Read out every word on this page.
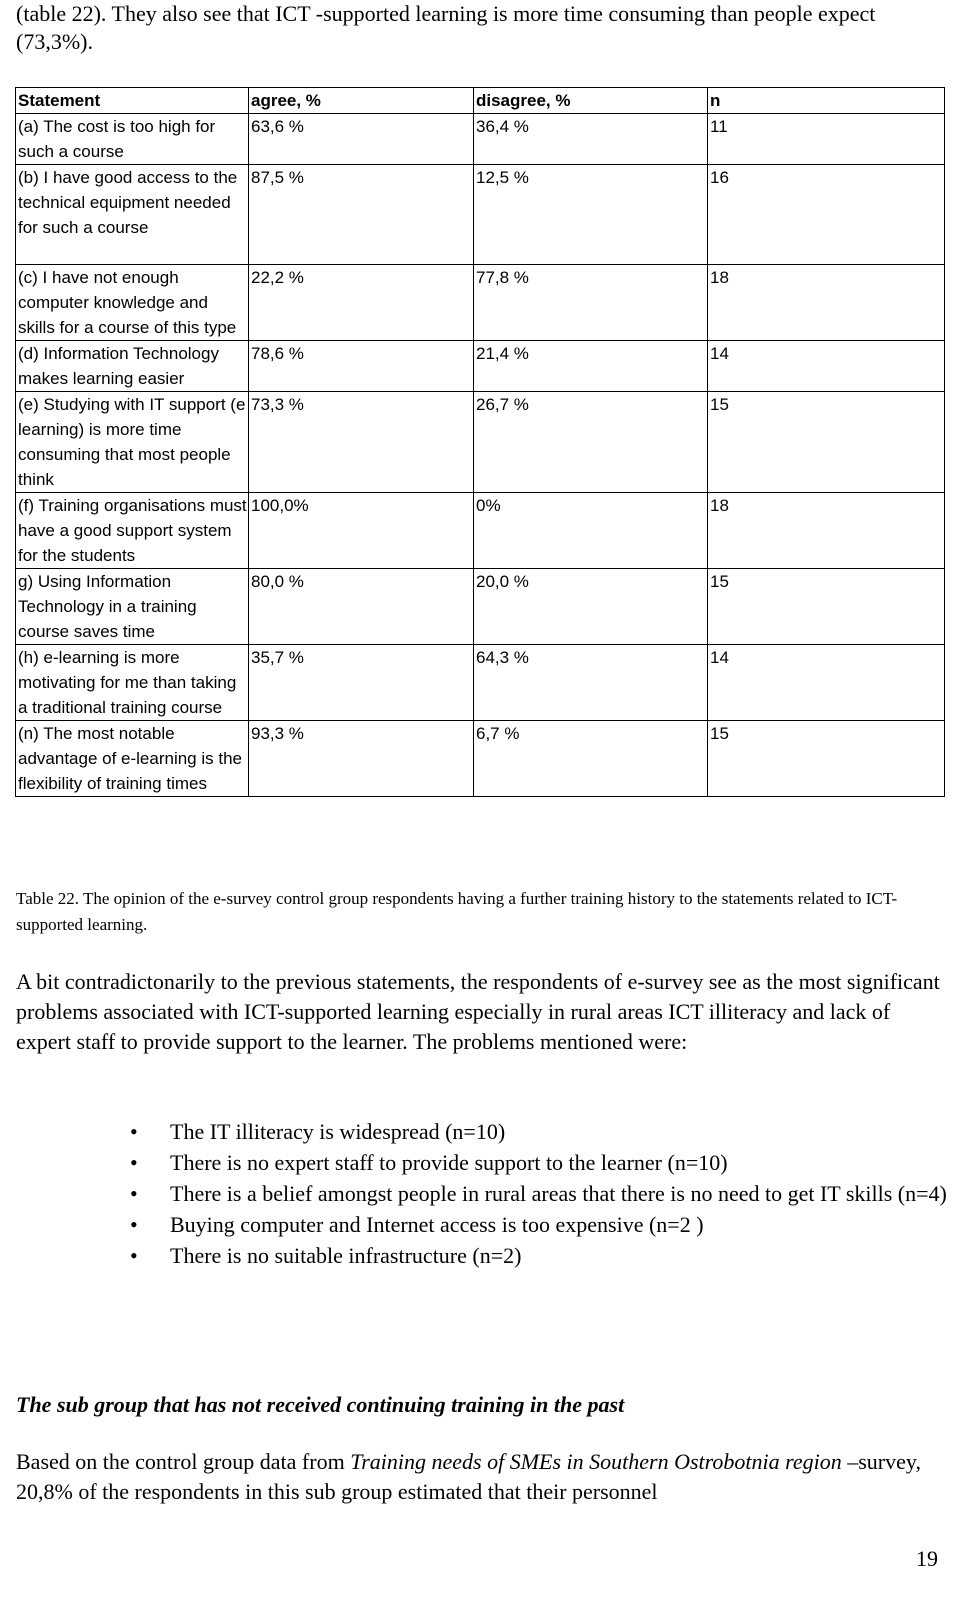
(table 22). They also see that ICT -supported learning is more time consuming than people expect (73,3%).
Statement	agree, %	disagree, %	n
(a) The cost is too high for such a course	63,6 %	36,4 %	11
(b) I have good access to the technical equipment needed for such a course	87,5 %	12,5 %	16
(c) I have not enough computer knowledge and skills for a course of this type	22,2 %	77,8 %	18
(d) Information Technology makes learning easier	78,6 %	21,4 %	14
(e) Studying with IT support (e learning) is more time consuming that most people think	73,3 %	26,7 %	15
(f) Training organisations must have a good support system for the students	100,0%	0%	18
g) Using Information Technology in a training course saves time	80,0 %	20,0 %	15
(h) e-learning is more motivating for me than taking a traditional training course	35,7 %	64,3 %	14
(n) The most notable advantage of e-learning is the flexibility of training times	93,3 %	6,7 %	15
Table 22. The opinion of the e-survey control group respondents having a further training history to the statements related to ICT-supported learning.
A bit contradictonarily to the previous statements, the respondents of e-survey see as the most significant problems associated with ICT-supported learning especially in rural areas ICT illiteracy and lack of expert staff to provide support to the learner. The problems mentioned were:
• The IT illiteracy is widespread (n=10)
• There is no expert staff to provide support to the learner (n=10)
• There is a belief amongst people in rural areas that there is no need to get IT skills (n=4)
• Buying computer and Internet access is too expensive (n=2 )
• There is no suitable infrastructure (n=2)
The sub group that has not received continuing training in the past
Based on the control group data from Training needs of SMEs in Southern Ostrobotnia region –survey, 20,8% of the respondents in this sub group estimated that their personnel
19
